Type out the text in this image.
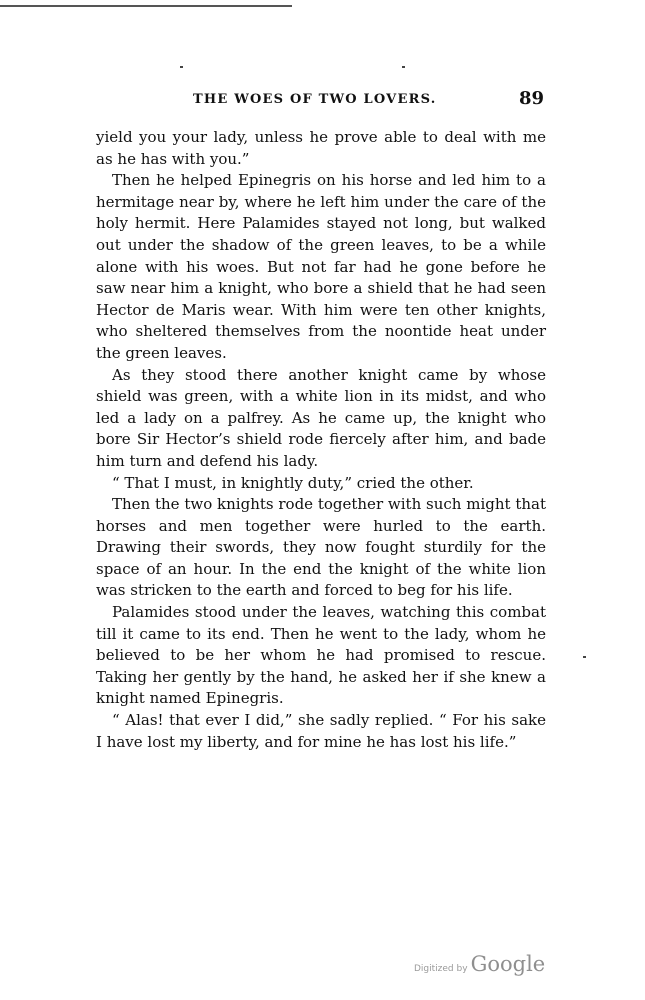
THE WOES OF TWO LOVERS.	89

yield you your lady, unless he prove able to deal with me as he has with you.”

Then he helped Epinegris on his horse and led him to a hermitage near by, where he left him under the care of the holy hermit. Here Palamides stayed not long, but walked out under the shadow of the green leaves, to be a while alone with his woes. But not far had he gone before he saw near him a knight, who bore a shield that he had seen Hector de Maris wear. With him were ten other knights, who sheltered themselves from the noontide heat under the green leaves.

As they stood there another knight came by whose shield was green, with a white lion in its midst, and who led a lady on a palfrey. As he came up, the knight who bore Sir Hector’s shield rode fiercely after him, and bade him turn and defend his lady.

“ That I must, in knightly duty,” cried the other.

Then the two knights rode together with such might that horses and men together were hurled to the earth. Drawing their swords, they now fought sturdily for the space of an hour. In the end the knight of the white lion was stricken to the earth and forced to beg for his life.

Palamides stood under the leaves, watching this combat till it came to its end. Then he went to the lady, whom he believed to be her whom he had promised to rescue. Taking her gently by the hand, he asked her if she knew a knight named Epinegris.

“ Alas! that ever I did,” she sadly replied. “ For his sake I have lost my liberty, and for mine he has lost his life.”

Digitized by Google
